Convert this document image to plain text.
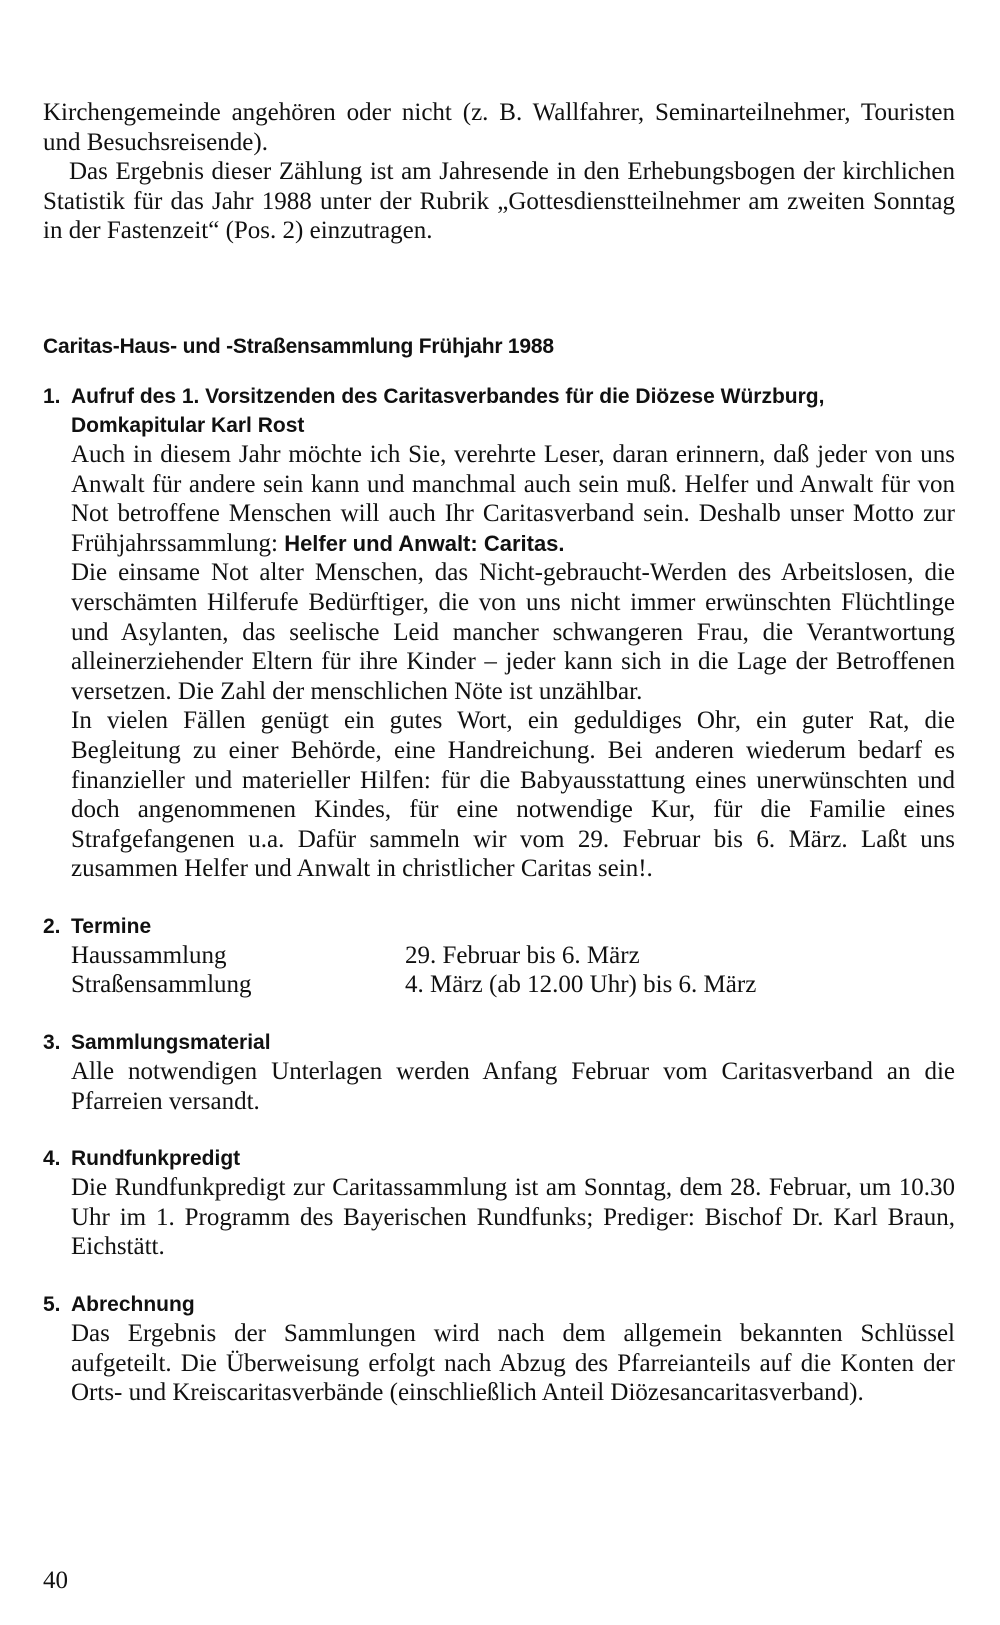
Kirchengemeinde angehören oder nicht (z. B. Wallfahrer, Seminarteilnehmer, Touristen und Besuchsreisende).

Das Ergebnis dieser Zählung ist am Jahresende in den Erhebungsbogen der kirchlichen Statistik für das Jahr 1988 unter der Rubrik „Gottesdienstteilnehmer am zweiten Sonntag in der Fastenzeit“ (Pos. 2) einzutragen.

Caritas-Haus- und -Straßensammlung Frühjahr 1988

1. Aufruf des 1. Vorsitzenden des Caritasverbandes für die Diözese Würzburg,

Domkapitular Karl Rost

Auch in diesem Jahr möchte ich Sie, verehrte Leser, daran erinnern, daß jeder von uns Anwalt für andere sein kann und manchmal auch sein muß. Helfer und Anwalt für von Not betroffene Menschen will auch Ihr Caritasverband sein. Deshalb unser Motto zur Frühjahrssammlung: Helfer und Anwalt: Caritas.

Die einsame Not alter Menschen, das Nicht-gebraucht-Werden des Arbeitslosen, die verschämten Hilferufe Bedürftiger, die von uns nicht immer erwünschten Flüchtlinge und Asylanten, das seelische Leid mancher schwangeren Frau, die Verantwortung alleinerziehender Eltern für ihre Kinder – jeder kann sich in die Lage der Betroffenen versetzen. Die Zahl der menschlichen Nöte ist unzählbar.

In vielen Fällen genügt ein gutes Wort, ein geduldiges Ohr, ein guter Rat, die Begleitung zu einer Behörde, eine Handreichung. Bei anderen wiederum bedarf es finanzieller und materieller Hilfen: für die Babyausstattung eines unerwünschten und doch angenommenen Kindes, für eine notwendige Kur, für die Familie eines Strafgefangenen u.a. Dafür sammeln wir vom 29. Februar bis 6. März. Laßt uns zusammen Helfer und Anwalt in christlicher Caritas sein!.

2. Termine

Haussammlung	29. Februar bis 6. März
Straßensammlung	4. März (ab 12.00 Uhr) bis 6. März
3. Sammlungsmaterial

Alle notwendigen Unterlagen werden Anfang Februar vom Caritasverband an die Pfarreien versandt.

4. Rundfunkpredigt

Die Rundfunkpredigt zur Caritassammlung ist am Sonntag, dem 28. Februar, um 10.30 Uhr im 1. Programm des Bayerischen Rundfunks; Prediger: Bischof Dr. Karl Braun, Eichstätt.

5. Abrechnung

Das Ergebnis der Sammlungen wird nach dem allgemein bekannten Schlüssel aufgeteilt. Die Überweisung erfolgt nach Abzug des Pfarreianteils auf die Konten der Orts- und Kreiscaritasverbände (einschließlich Anteil Diözesancaritasverband).

40
